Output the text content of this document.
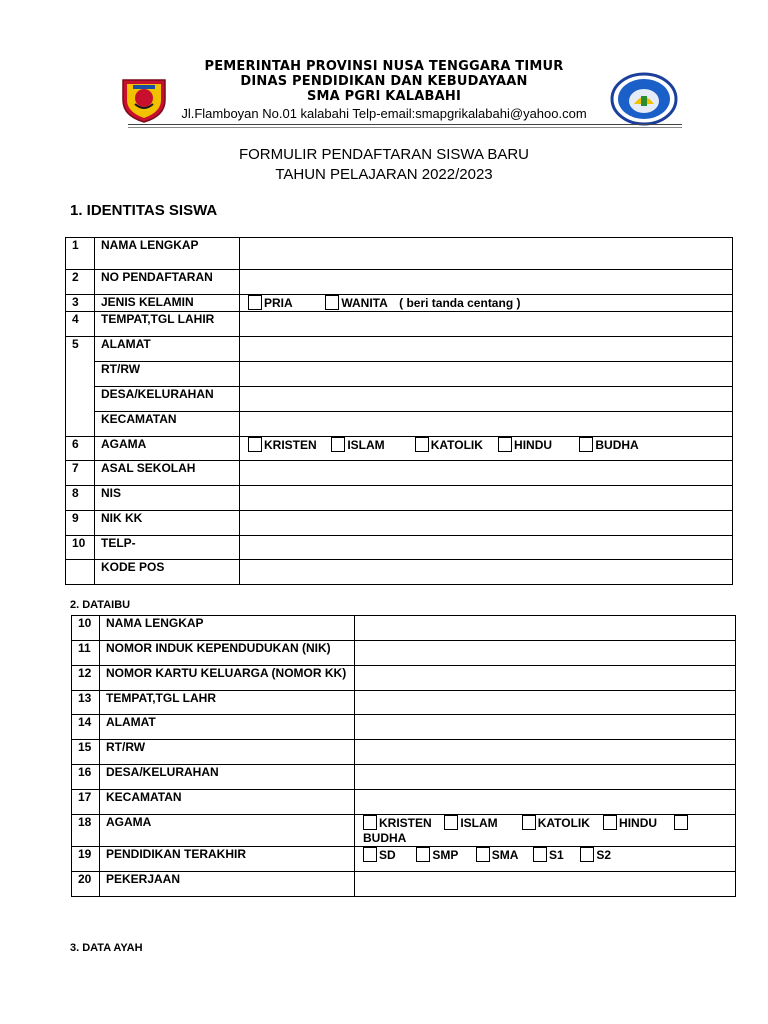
PEMERINTAH PROVINSI NUSA TENGGARA TIMUR
DINAS PENDIDIKAN DAN KEBUDAYAAN
SMA PGRI KALABAHI
Jl.Flamboyan No.01 kalabahi Telp-email:smapgrikalabahi@yahoo.com
FORMULIR PENDAFTARAN SISWA BARU
TAHUN PELAJARAN 2022/2023
1. IDENTITAS SISWA
1	NAMA LENGKAP	
2	NO PENDAFTARAN	
3	JENIS KELAMIN	PRIA WANITA ( beri tanda centang )
4	TEMPAT,TGL LAHIR	
5	ALAMAT	
	RT/RW	
	DESA/KELURAHAN	
	KECAMATAN	
6	AGAMA	KRISTEN ISLAM KATOLIK HINDU BUDHA
7	ASAL SEKOLAH	
8	NIS	
9	NIK KK	
10	TELP-	
	KODE POS	
2. DATAIBU
10	NAMA LENGKAP	
11	NOMOR INDUK KEPENDUDUKAN (NIK)	
12	NOMOR KARTU KELUARGA (NOMOR KK)	
13	TEMPAT,TGL LAHR	
14	ALAMAT	
15	RT/RW	
16	DESA/KELURAHAN	
17	KECAMATAN	
18	AGAMA	KRISTEN ISLAM KATOLIK HINDU BUDHA
19	PENDIDIKAN TERAKHIR	SD SMP SMA S1 S2
20	PEKERJAAN	
3. DATA AYAH
